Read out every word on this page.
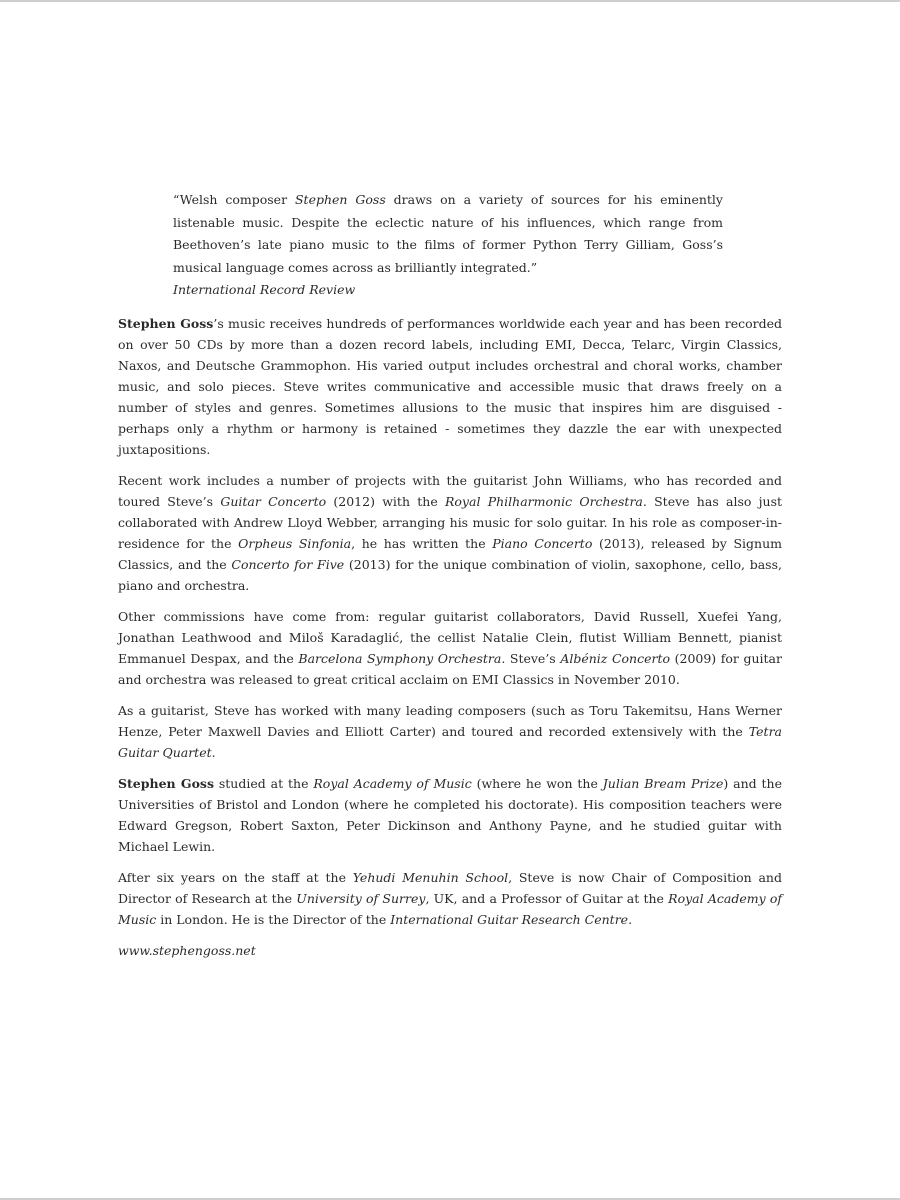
“Welsh composer Stephen Goss draws on a variety of sources for his eminently listenable music. Despite the eclectic nature of his influences, which range from Beethoven’s late piano music to the films of former Python Terry Gilliam, Goss’s musical language comes across as brilliantly integrated.”
International Record Review

Stephen Goss’s music receives hundreds of performances worldwide each year and has been recorded on over 50 CDs by more than a dozen record labels, including EMI, Decca, Telarc, Virgin Classics, Naxos, and Deutsche Grammophon. His varied output includes orchestral and choral works, chamber music, and solo pieces. Steve writes communicative and accessible music that draws freely on a number of styles and genres. Sometimes allusions to the music that inspires him are disguised - perhaps only a rhythm or harmony is retained - sometimes they dazzle the ear with unexpected juxtapositions.

Recent work includes a number of projects with the guitarist John Williams, who has recorded and toured Steve’s Guitar Concerto (2012) with the Royal Philharmonic Orchestra. Steve has also just collaborated with Andrew Lloyd Webber, arranging his music for solo guitar. In his role as composer-in-residence for the Orpheus Sinfonia, he has written the Piano Concerto (2013), released by Signum Classics, and the Concerto for Five (2013) for the unique combination of violin, saxophone, cello, bass, piano and orchestra.

Other commissions have come from: regular guitarist collaborators, David Russell, Xuefei Yang, Jonathan Leathwood and Miloš Karadaglić, the cellist Natalie Clein, flutist William Bennett, pianist Emmanuel Despax, and the Barcelona Symphony Orchestra. Steve’s Albéniz Concerto (2009) for guitar and orchestra was released to great critical acclaim on EMI Classics in November 2010.

As a guitarist, Steve has worked with many leading composers (such as Toru Takemitsu, Hans Werner Henze, Peter Maxwell Davies and Elliott Carter) and toured and recorded extensively with the Tetra Guitar Quartet.

Stephen Goss studied at the Royal Academy of Music (where he won the Julian Bream Prize) and the Universities of Bristol and London (where he completed his doctorate). His composition teachers were Edward Gregson, Robert Saxton, Peter Dickinson and Anthony Payne, and he studied guitar with Michael Lewin.

After six years on the staff at the Yehudi Menuhin School, Steve is now Chair of Composition and Director of Research at the University of Surrey, UK, and a Professor of Guitar at the Royal Academy of Music in London. He is the Director of the International Guitar Research Centre.

www.stephengoss.net
